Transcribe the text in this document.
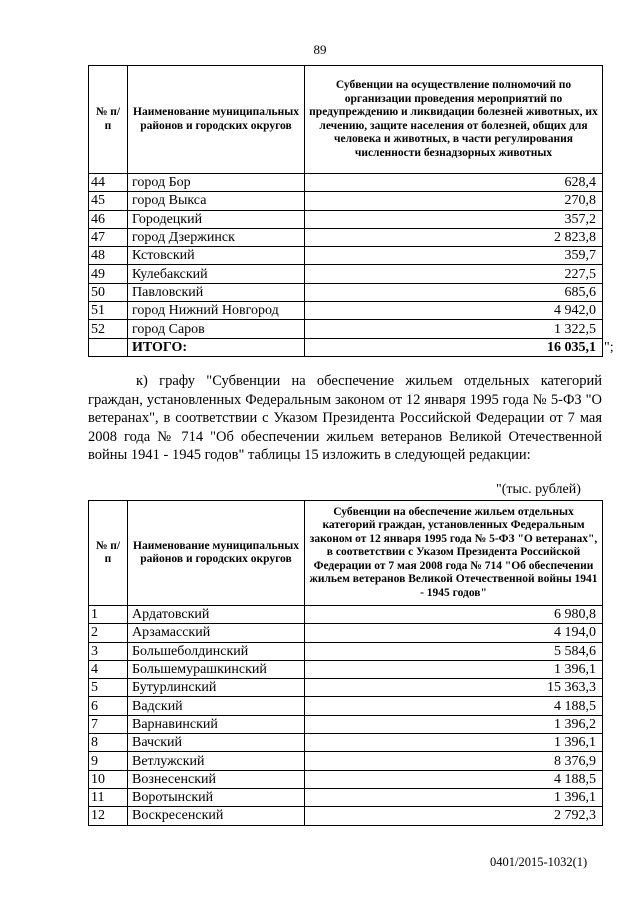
89
№ п/п	Наименование муниципальных районов и городских округов	Субвенции на осуществление полномочий по организации проведения мероприятий по предупреждению и ликвидации болезней животных, их лечению, защите населения от болезней, общих для человека и животных, в части регулирования численности безнадзорных животных
44	город Бор	628,4
45	город Выкса	270,8
46	Городецкий	357,2
47	город Дзержинск	2 823,8
48	Кстовский	359,7
49	Кулебакский	227,5
50	Павловский	685,6
51	город Нижний Новгород	4 942,0
52	город Саров	1 322,5
	ИТОГО:	16 035,1 ";
к) графу "Субвенции на обеспечение жильем отдельных категорий граждан, установленных Федеральным законом от 12 января 1995 года № 5-ФЗ "О ветеранах", в соответствии с Указом Президента Российской Федерации от 7 мая 2008 года № 714 "Об обеспечении жильем ветеранов Великой Отечественной войны 1941 - 1945 годов" таблицы 15 изложить в следующей редакции:
"(тыс. рублей)
№ п/п	Наименование муниципальных районов и городских округов	Субвенции на обеспечение жильем отдельных категорий граждан, установленных Федеральным законом от 12 января 1995 года № 5-ФЗ "О ветеранах", в соответствии с Указом Президента Российской Федерации от 7 мая 2008 года № 714 "Об обеспечении жильем ветеранов Великой Отечественной войны 1941 - 1945 годов"
1	Ардатовский	6 980,8
2	Арзамасский	4 194,0
3	Большеболдинский	5 584,6
4	Большемурашкинский	1 396,1
5	Бутурлинский	15 363,3
6	Вадский	4 188,5
7	Варнавинский	1 396,2
8	Вачский	1 396,1
9	Ветлужский	8 376,9
10	Вознесенский	4 188,5
11	Воротынский	1 396,1
12	Воскресенский	2 792,3
0401/2015-1032(1)
